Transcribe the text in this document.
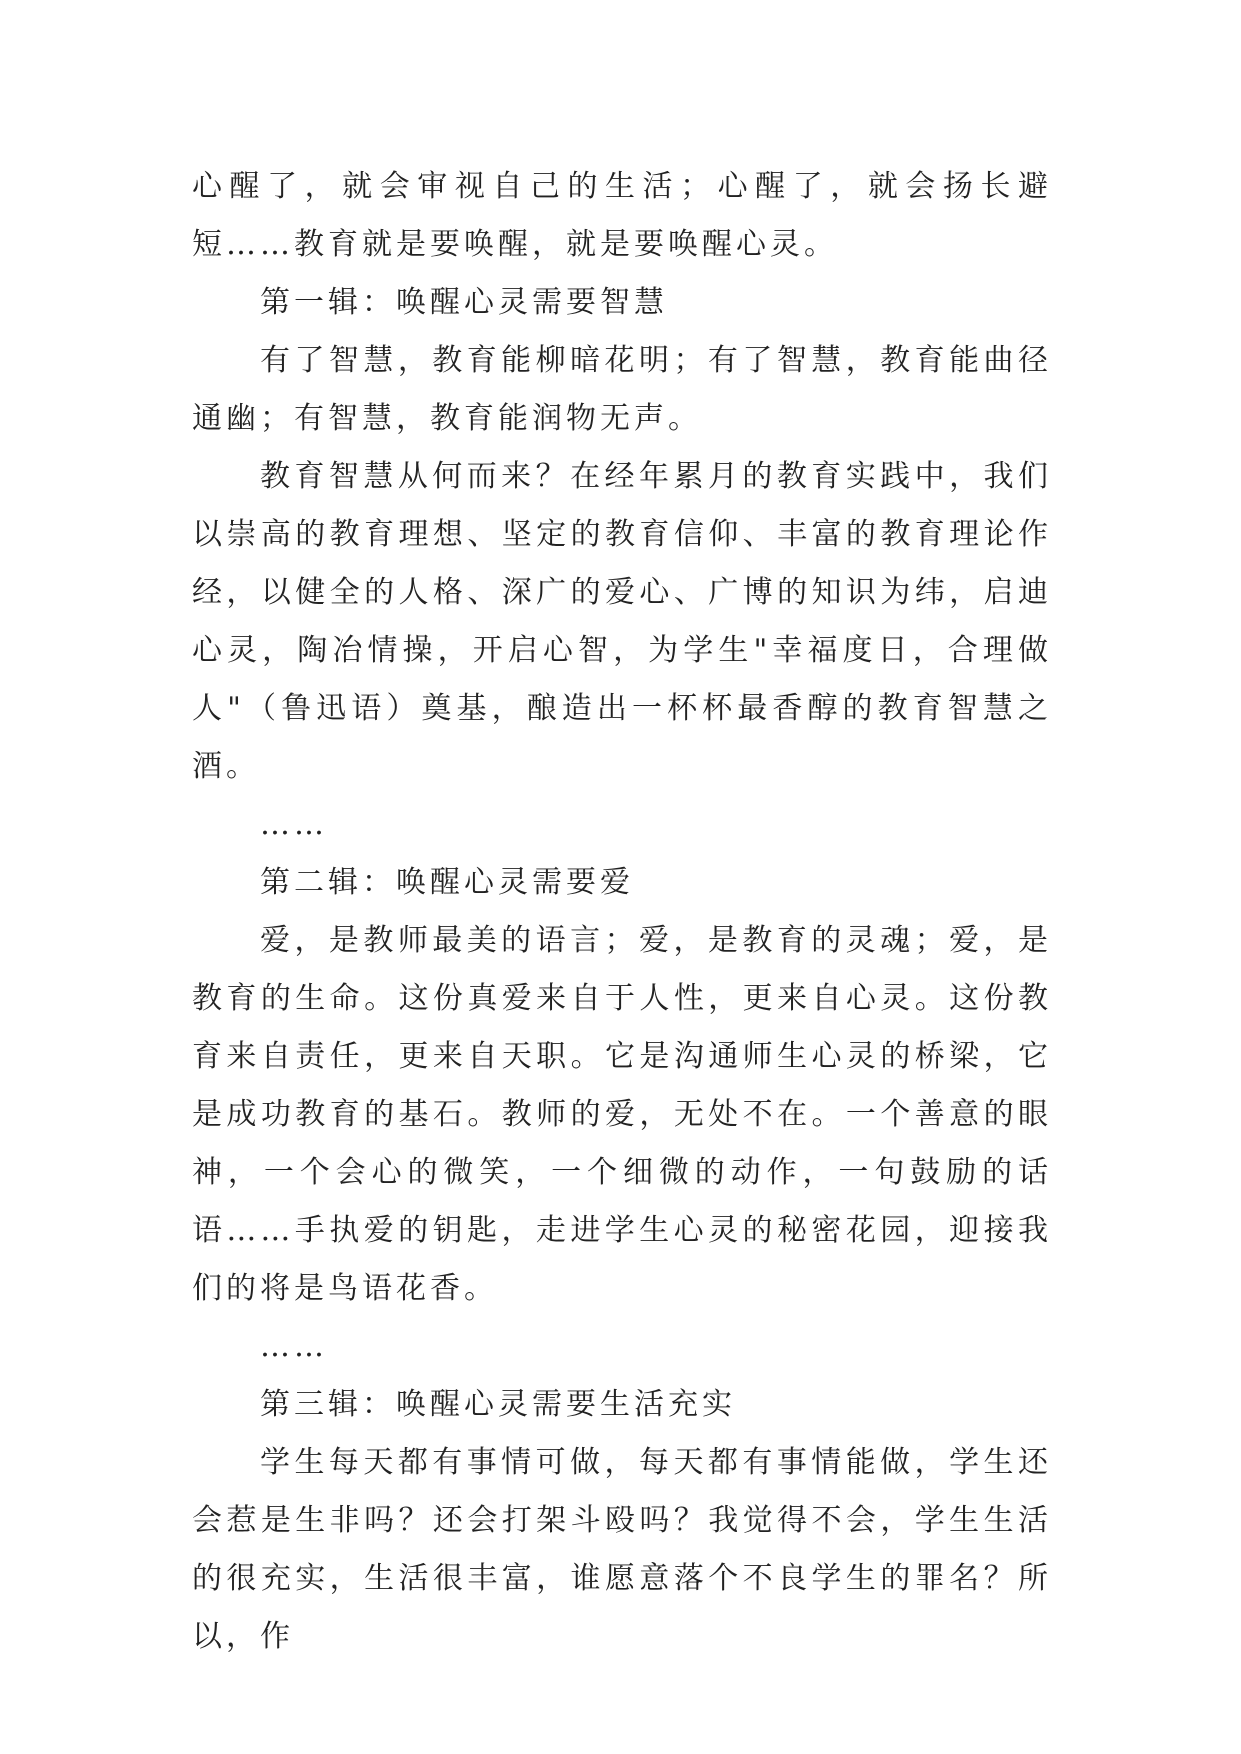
心醒了，就会审视自己的生活；心醒了，就会扬长避短……教育就是要唤醒，就是要唤醒心灵。

第一辑：唤醒心灵需要智慧

有了智慧，教育能柳暗花明；有了智慧，教育能曲径通幽；有智慧，教育能润物无声。

教育智慧从何而来？在经年累月的教育实践中，我们以崇高的教育理想、坚定的教育信仰、丰富的教育理论作经，以健全的人格、深广的爱心、广博的知识为纬，启迪心灵，陶冶情操，开启心智，为学生"幸福度日，合理做人"（鲁迅语）奠基，酿造出一杯杯最香醇的教育智慧之酒。

……

第二辑：唤醒心灵需要爱

爱，是教师最美的语言；爱，是教育的灵魂；爱，是教育的生命。这份真爱来自于人性，更来自心灵。这份教育来自责任，更来自天职。它是沟通师生心灵的桥梁，它是成功教育的基石。教师的爱，无处不在。一个善意的眼神，一个会心的微笑，一个细微的动作，一句鼓励的话语……手执爱的钥匙，走进学生心灵的秘密花园，迎接我们的将是鸟语花香。

……

第三辑：唤醒心灵需要生活充实

学生每天都有事情可做，每天都有事情能做，学生还会惹是生非吗？还会打架斗殴吗？我觉得不会，学生生活的很充实，生活很丰富，谁愿意落个不良学生的罪名？所以，作
